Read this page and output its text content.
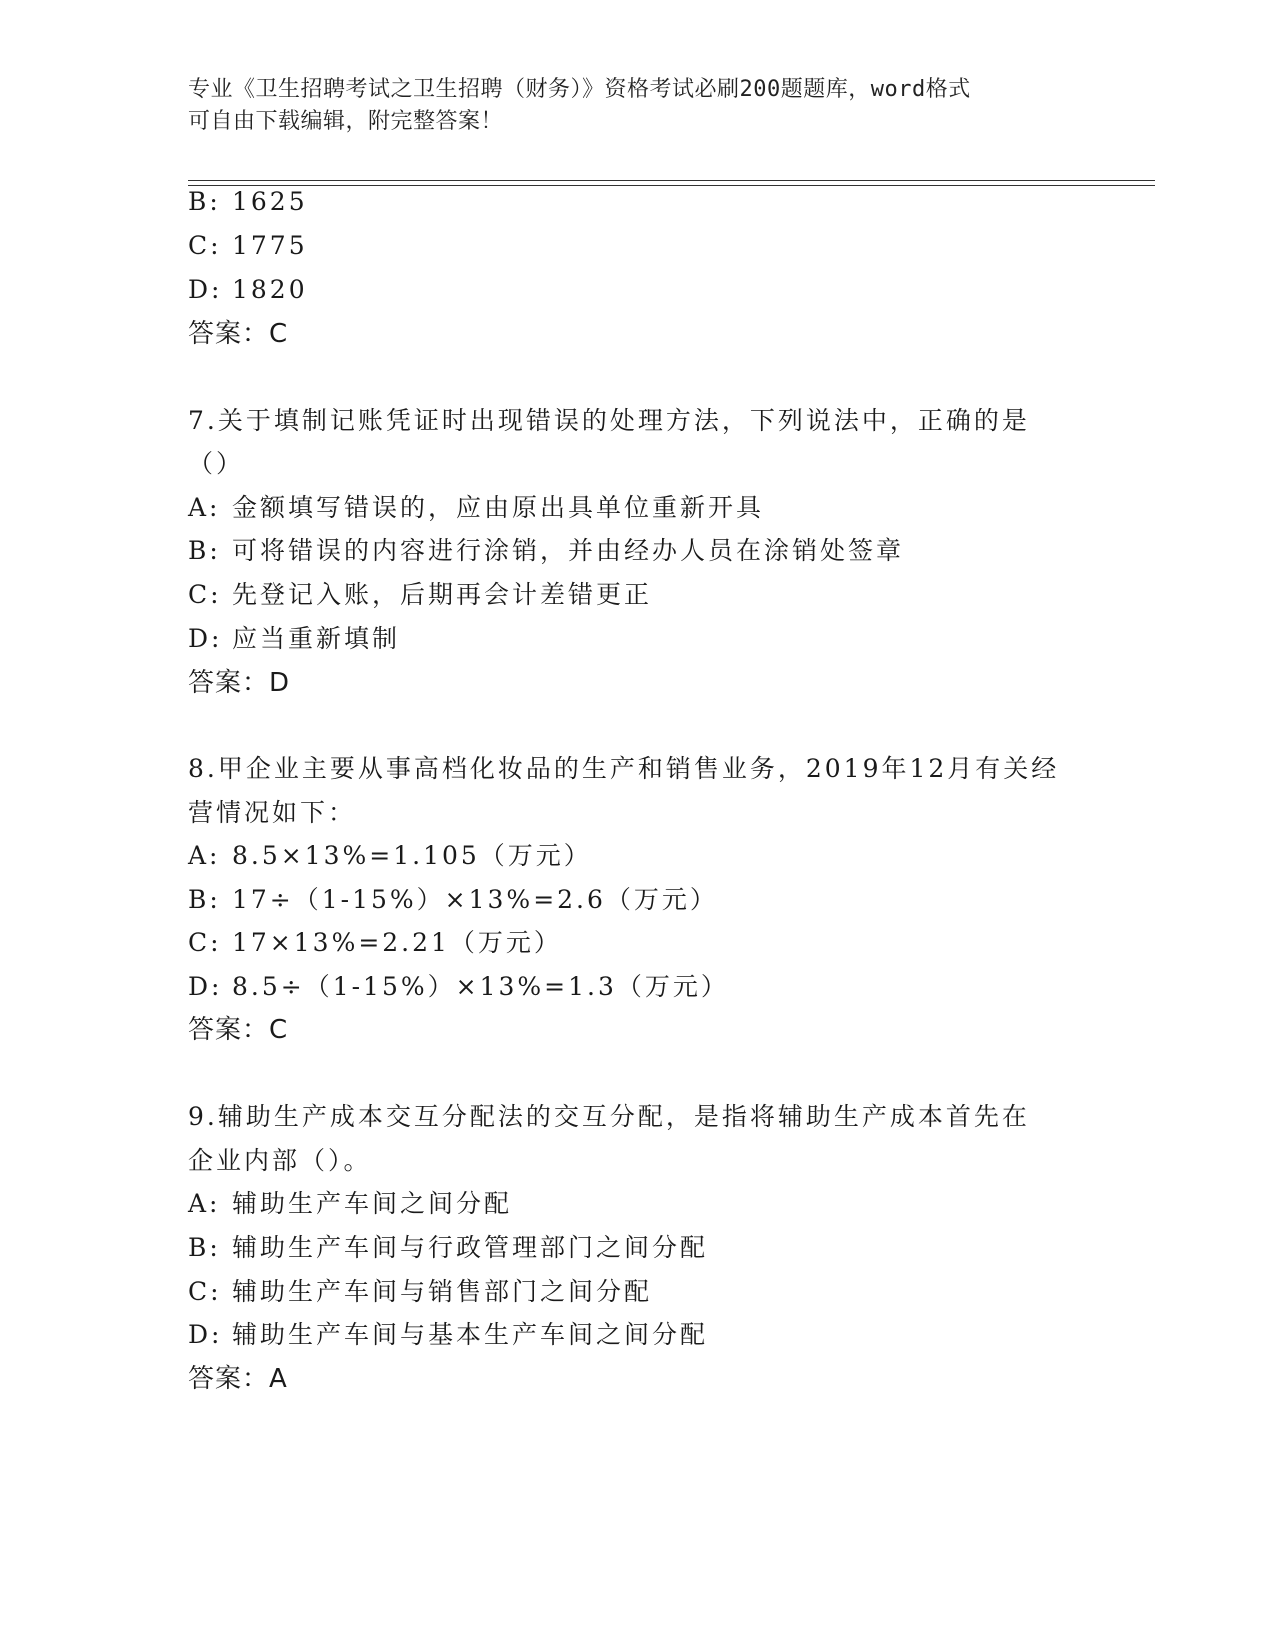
专业《卫生招聘考试之卫生招聘（财务）》资格考试必刷200题题库，word格式
可自由下载编辑，附完整答案！
B: 1625
C: 1775
D: 1820
答案：C
7.关于填制记账凭证时出现错误的处理方法，下列说法中，正确的是
（）
A: 金额填写错误的，应由原出具单位重新开具
B: 可将错误的内容进行涂销，并由经办人员在涂销处签章
C: 先登记入账，后期再会计差错更正
D: 应当重新填制
答案：D
8.甲企业主要从事高档化妆品的生产和销售业务，2019年12月有关经
营情况如下：
A: 8.5×13%=1.105（万元）
B: 17÷（1-15%）×13%=2.6（万元）
C: 17×13%=2.21（万元）
D: 8.5÷（1-15%）×13%=1.3（万元）
答案：C
9.辅助生产成本交互分配法的交互分配，是指将辅助生产成本首先在
企业内部（）。
A: 辅助生产车间之间分配
B: 辅助生产车间与行政管理部门之间分配
C: 辅助生产车间与销售部门之间分配
D: 辅助生产车间与基本生产车间之间分配
答案：A
